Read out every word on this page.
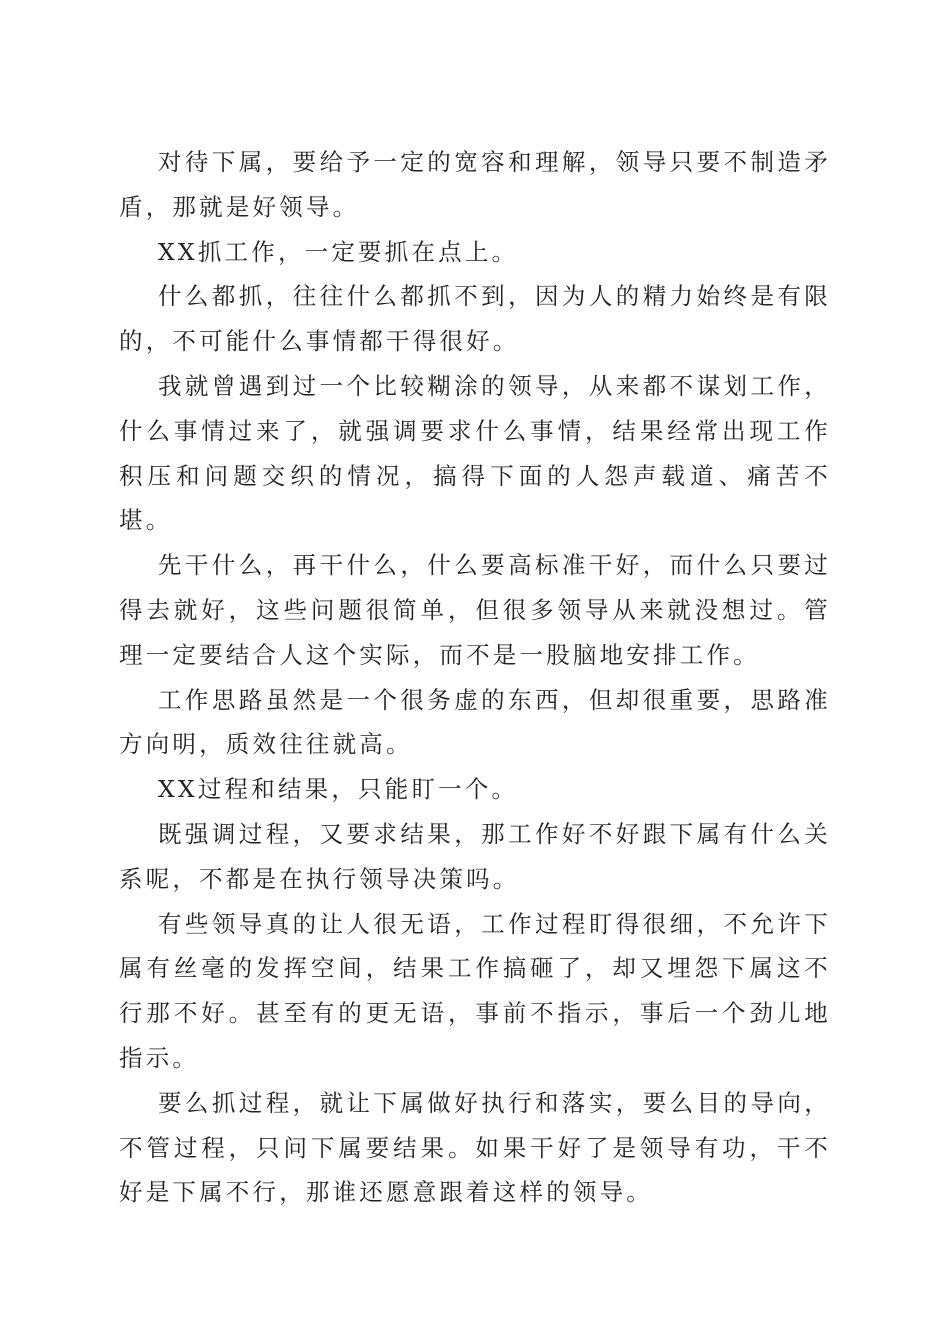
对待下属，要给予一定的宽容和理解，领导只要不制造矛盾，那就是好领导。

XX抓工作，一定要抓在点上。

什么都抓，往往什么都抓不到，因为人的精力始终是有限的，不可能什么事情都干得很好。

我就曾遇到过一个比较糊涂的领导，从来都不谋划工作，什么事情过来了，就强调要求什么事情，结果经常出现工作积压和问题交织的情况，搞得下面的人怨声载道、痛苦不堪。

先干什么，再干什么，什么要高标准干好，而什么只要过得去就好，这些问题很简单，但很多领导从来就没想过。管理一定要结合人这个实际，而不是一股脑地安排工作。

工作思路虽然是一个很务虚的东西，但却很重要，思路准方向明，质效往往就高。

XX过程和结果，只能盯一个。

既强调过程，又要求结果，那工作好不好跟下属有什么关系呢，不都是在执行领导决策吗。

有些领导真的让人很无语，工作过程盯得很细，不允许下属有丝毫的发挥空间，结果工作搞砸了，却又埋怨下属这不行那不好。甚至有的更无语，事前不指示，事后一个劲儿地指示。

要么抓过程，就让下属做好执行和落实，要么目的导向，不管过程，只问下属要结果。如果干好了是领导有功，干不好是下属不行，那谁还愿意跟着这样的领导。
